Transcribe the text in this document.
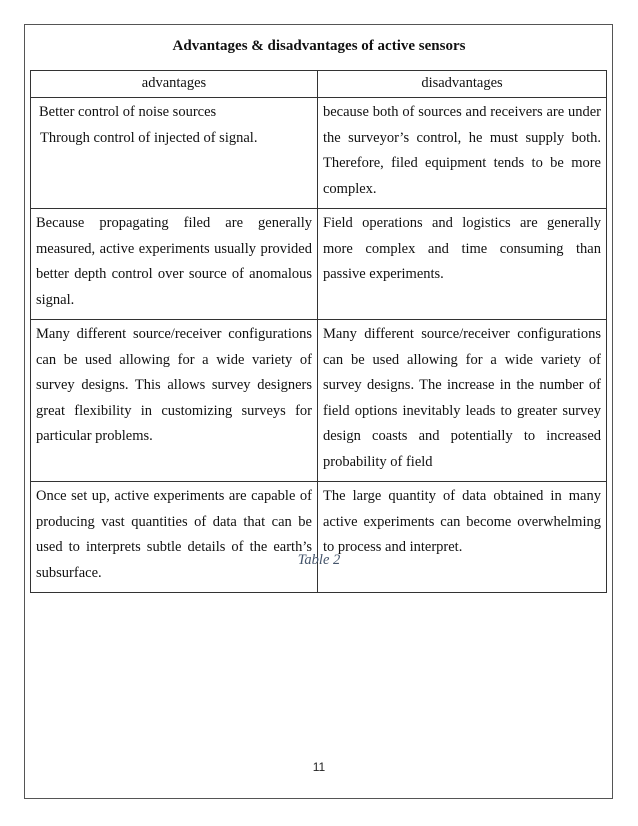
Advantages & disadvantages of active sensors
advantages	disadvantages

Better control of noise sources
Through control of injected of signal.	because both of sources and receivers are under the surveyor’s control, he must supply both. Therefore, filed equipment tends to be more complex.
Because propagating filed are generally measured, active experiments usually provided better depth control over source of anomalous signal.	Field operations and logistics are generally more complex and time consuming than passive experiments.
Many different source/receiver configurations can be used allowing for a wide variety of survey designs. This allows survey designers great flexibility in customizing surveys for particular problems.	Many different source/receiver configurations can be used allowing for a wide variety of survey designs. The increase in the number of field options inevitably leads to greater survey design coasts and potentially to increased probability of field
Once set up, active experiments are capable of producing vast quantities of data that can be used to interprets subtle details of the earth’s subsurface.	The large quantity of data obtained in many active experiments can become overwhelming to process and interpret.
Table 2
11
